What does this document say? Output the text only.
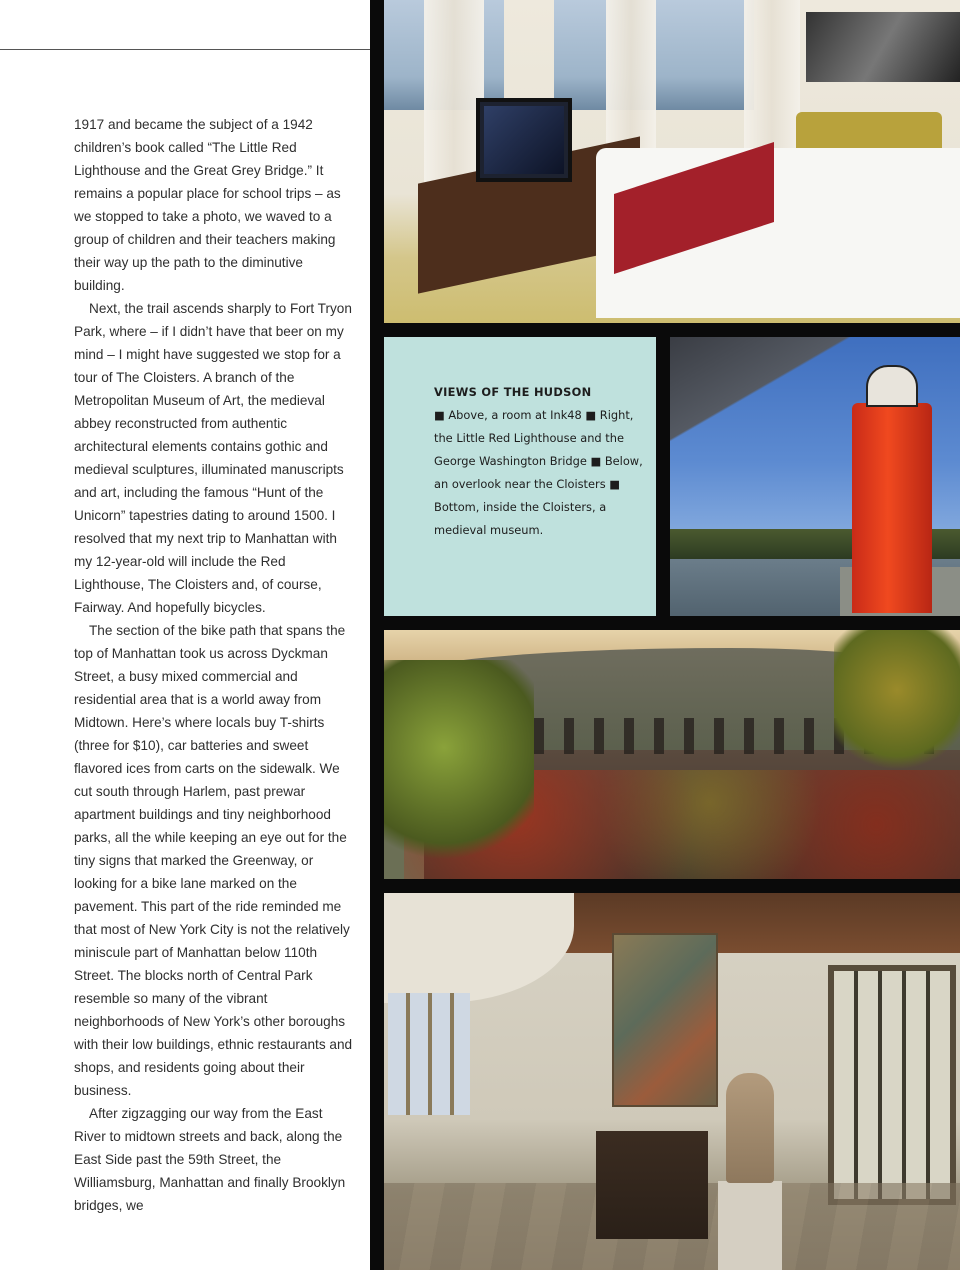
1917 and became the subject of a 1942 children’s book called “The Little Red Lighthouse and the Great Grey Bridge.” It remains a popular place for school trips – as we stopped to take a photo, we waved to a group of children and their teachers making their way up the path to the diminutive building.

Next, the trail ascends sharply to Fort Tryon Park, where – if I didn’t have that beer on my mind – I might have suggested we stop for a tour of The Cloisters. A branch of the Metropolitan Museum of Art, the medieval abbey reconstructed from authentic architectural elements contains gothic and medieval sculptures, illuminated manuscripts and art, including the famous “Hunt of the Unicorn” tapestries dating to around 1500. I resolved that my next trip to Manhattan with my 12-year-old will include the Red Lighthouse, The Cloisters and, of course, Fairway. And hopefully bicycles.

The section of the bike path that spans the top of Manhattan took us across Dyckman Street, a busy mixed commercial and residential area that is a world away from Midtown. Here’s where locals buy T-shirts (three for $10), car batteries and sweet flavored ices from carts on the sidewalk. We cut south through Harlem, past prewar apartment buildings and tiny neighborhood parks, all the while keeping an eye out for the tiny signs that marked the Greenway, or looking for a bike lane marked on the pavement. This part of the ride reminded me that most of New York City is not the relatively miniscule part of Manhattan below 110th Street. The blocks north of Central Park resemble so many of the vibrant neighborhoods of New York’s other boroughs with their low buildings, ethnic restaurants and shops, and residents going about their business.

After zigzagging our way from the East River to midtown streets and back, along the East Side past the 59th Street, the Williamsburg, Manhattan and finally Brooklyn bridges, we

VIEWS OF THE HUDSON
■ Above, a room at Ink48 ■ Right, the Little Red Lighthouse and the George Washington Bridge ■ Below, an overlook near the Cloisters ■ Bottom, inside the Cloisters, a medieval museum.
